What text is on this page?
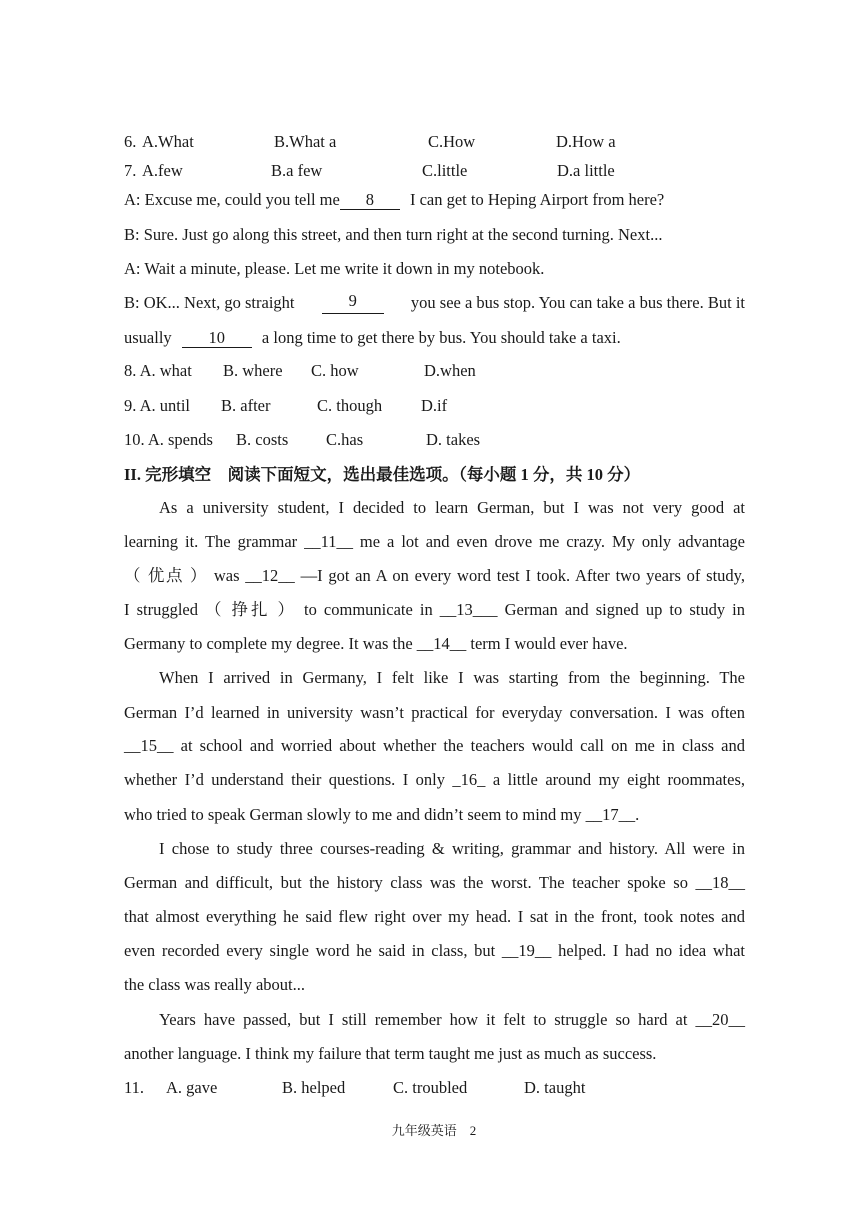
6. A.What	B.What a	C.How	D.How a
7. A.few	B.a few	C.little	D.a little
A: Excuse me, could you tell me 8 I can get to Heping Airport from here?
B: Sure. Just go along this street, and then turn right at the second turning. Next...
A: Wait a minute, please. Let me write it down in my notebook.
B: OK... Next, go straight	9	you see a bus stop. You can take a bus there. But it
usually 10 a long time to get there by bus. You should take a taxi.
8. A. what B. where C. how	D.when
9. A. until B. after	C. though D.if
10. A. spends B. costs C.has	D. takes
II. 完形填空　阅读下面短文，选出最佳选项。（每小题 1 分，共 10 分）
As a university student, I decided to learn German, but I was not very good at
learning it. The grammar __11__ me a lot and even drove me crazy. My only advantage
（ 优点 ） was __12__ —I got an A on every word test I took. After two years of study,
I struggled （ 挣扎 ） to communicate in __13___ German and signed up to study in
Germany to complete my degree. It was the __14__ term I would ever have.
When I arrived in Germany, I felt like I was starting from the beginning. The
German I’d learned in university wasn’t practical for everyday conversation. I was often
__15__ at school and worried about whether the teachers would call on me in class and
whether I’d understand their questions. I only _16_ a little around my eight roommates,
who tried to speak German slowly to me and didn’t seem to mind my __17__.
I chose to study three courses-reading & writing, grammar and history. All were in
German and difficult, but the history class was the worst. The teacher spoke so __18__
that almost everything he said flew right over my head. I sat in the front, took notes and
even recorded every single word he said in class, but __19__ helped. I had no idea what
the class was really about...
Years have passed, but I still remember how it felt to struggle so hard at __20__
another language. I think my failure that term taught me just as much as success.
11. A. gave	B. helped	C. troubled	D. taught
九年级英语　2
